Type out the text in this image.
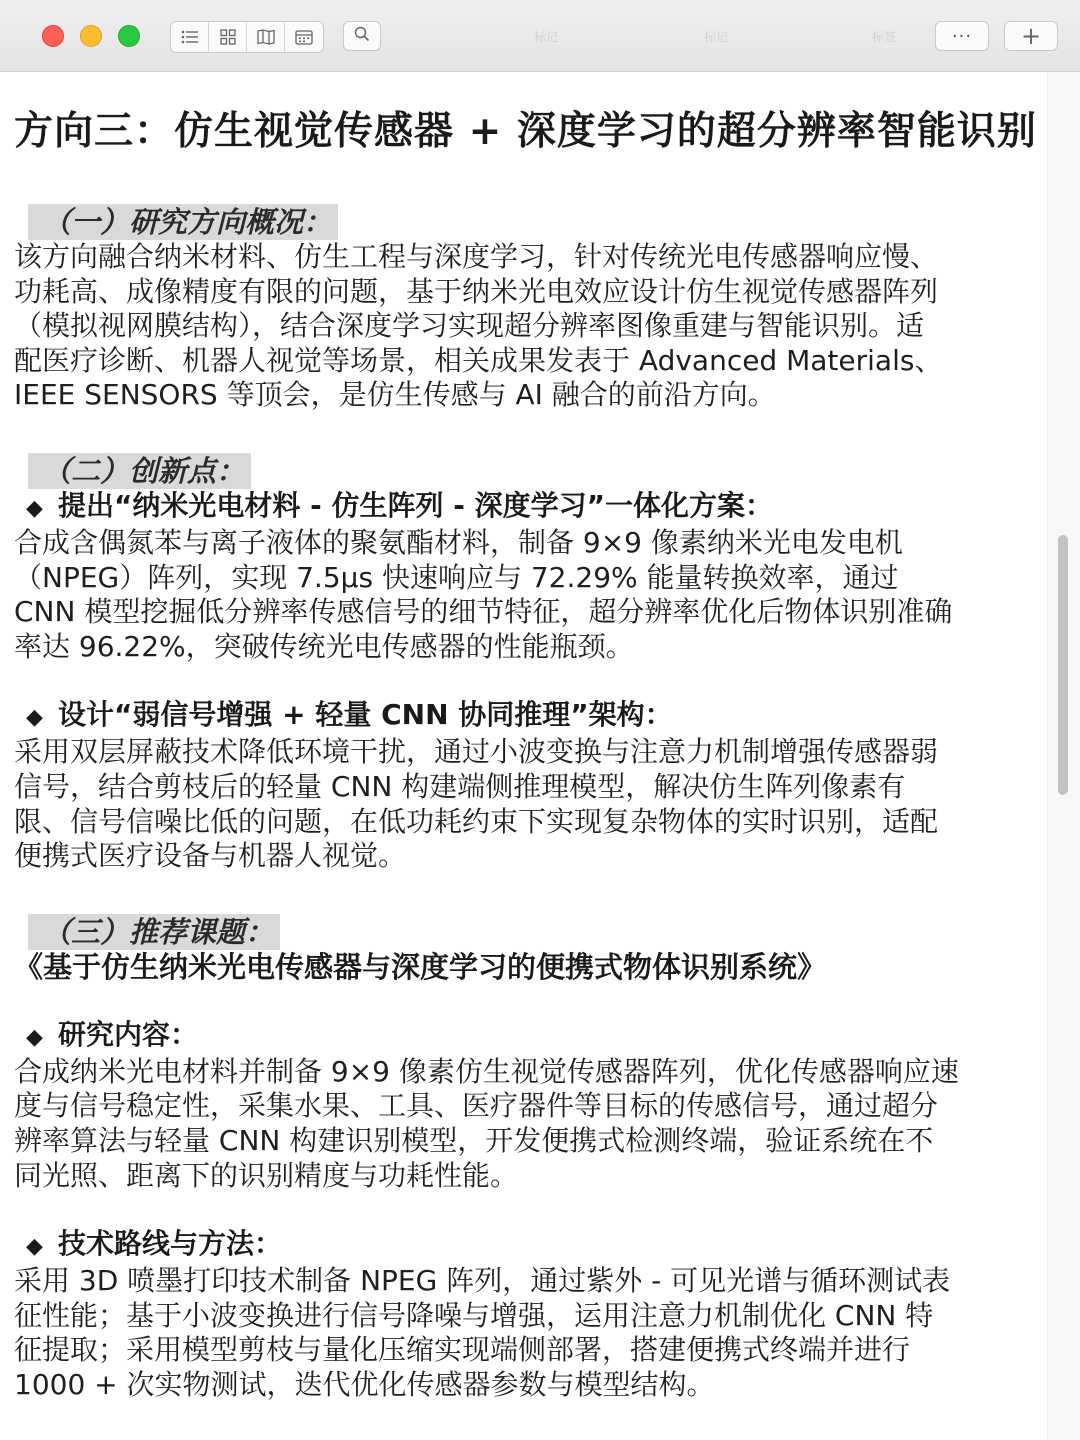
标记	标记	标签	···	+
方向三：仿生视觉传感器 + 深度学习的超分辨率智能识别
（一）研究方向概况：
该方向融合纳米材料、仿生工程与深度学习，针对传统光电传感器响应慢、
功耗高、成像精度有限的问题，基于纳米光电效应设计仿生视觉传感器阵列
（模拟视网膜结构），结合深度学习实现超分辨率图像重建与智能识别。适
配医疗诊断、机器人视觉等场景，相关成果发表于 Advanced Materials、
IEEE SENSORS 等顶会，是仿生传感与 AI 融合的前沿方向。
（二）创新点：
◆ 提出“纳米光电材料 - 仿生阵列 - 深度学习”一体化方案：
合成含偶氮苯与离子液体的聚氨酯材料，制备 9×9 像素纳米光电发电机
（NPEG）阵列，实现 7.5μs 快速响应与 72.29% 能量转换效率，通过
CNN 模型挖掘低分辨率传感信号的细节特征，超分辨率优化后物体识别准确
率达 96.22%，突破传统光电传感器的性能瓶颈。
◆ 设计“弱信号增强 + 轻量 CNN 协同推理”架构：
采用双层屏蔽技术降低环境干扰，通过小波变换与注意力机制增强传感器弱
信号，结合剪枝后的轻量 CNN 构建端侧推理模型，解决仿生阵列像素有
限、信号信噪比低的问题，在低功耗约束下实现复杂物体的实时识别，适配
便携式医疗设备与机器人视觉。
（三）推荐课题：
《基于仿生纳米光电传感器与深度学习的便携式物体识别系统》
◆ 研究内容：
合成纳米光电材料并制备 9×9 像素仿生视觉传感器阵列，优化传感器响应速
度与信号稳定性，采集水果、工具、医疗器件等目标的传感信号，通过超分
辨率算法与轻量 CNN 构建识别模型，开发便携式检测终端，验证系统在不
同光照、距离下的识别精度与功耗性能。
◆ 技术路线与方法：
采用 3D 喷墨打印技术制备 NPEG 阵列，通过紫外 - 可见光谱与循环测试表
征性能；基于小波变换进行信号降噪与增强，运用注意力机制优化 CNN 特
征提取；采用模型剪枝与量化压缩实现端侧部署，搭建便携式终端并进行
1000 + 次实物测试，迭代优化传感器参数与模型结构。
